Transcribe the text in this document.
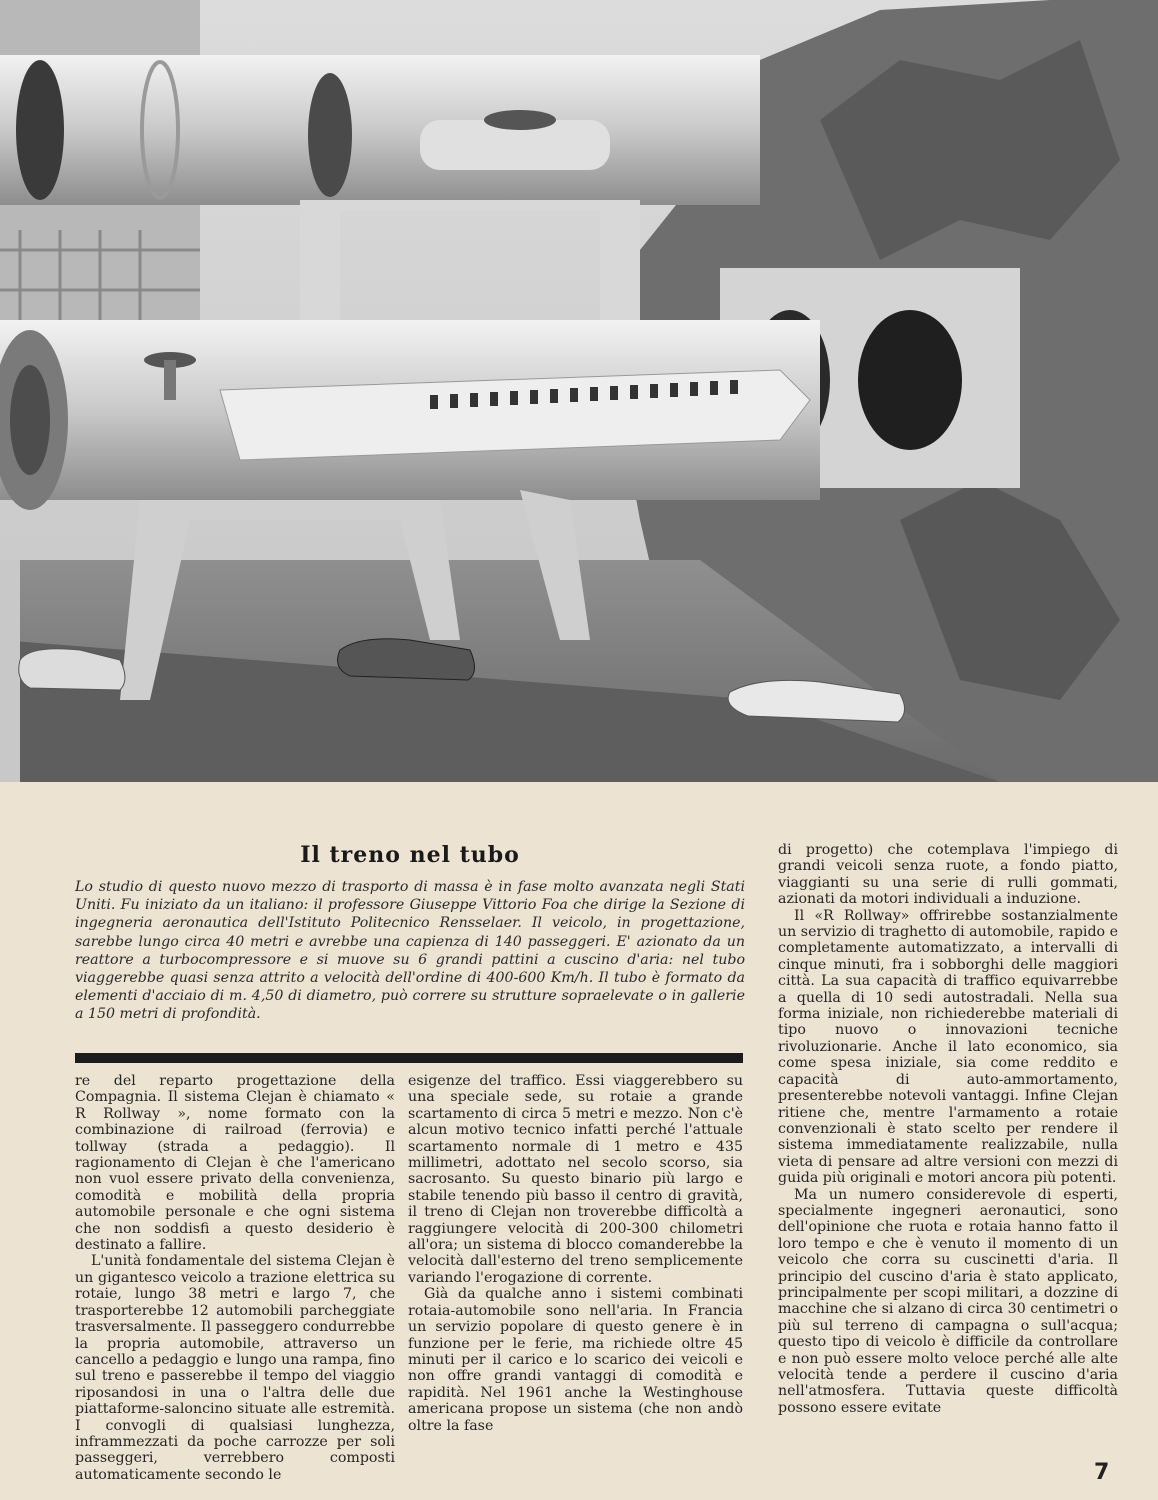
Il treno nel tubo
Lo studio di questo nuovo mezzo di trasporto di massa è in fase molto avanzata negli Stati Uniti. Fu iniziato da un italiano: il professore Giuseppe Vittorio Foa che dirige la Sezione di ingegneria aeronautica dell'Istituto Politecnico Rensselaer. Il veicolo, in progettazione, sarebbe lungo circa 40 metri e avrebbe una capienza di 140 passeggeri. E' azionato da un reattore a turbocompressore e si muove su 6 grandi pattini a cuscino d'aria: nel tubo viaggerebbe quasi senza attrito a velocità dell'ordine di 400-600 Km/h. Il tubo è formato da elementi d'acciaio di m. 4,50 di diametro, può correre su strutture sopraelevate o in gallerie a 150 metri di profondità.

re del reparto progettazione della Compagnia. Il sistema Clejan è chiamato « R Rollway », nome formato con la combinazione di railroad (ferrovia) e tollway (strada a pedaggio). Il ragionamento di Clejan è che l'americano non vuol essere privato della convenienza, comodità e mobilità della propria automobile personale e che ogni sistema che non soddisfi a questo desiderio è destinato a fallire.

L'unità fondamentale del sistema Clejan è un gigantesco veicolo a trazione elettrica su rotaie, lungo 38 metri e largo 7, che trasporterebbe 12 automobili parcheggiate trasversalmente. Il passeggero condurrebbe la propria automobile, attraverso un cancello a pedaggio e lungo una rampa, fino sul treno e passerebbe il tempo del viaggio riposandosi in una o l'altra delle due piattaforme-saloncino situate alle estremità. I convogli di qualsiasi lunghezza, inframmezzati da poche carrozze per soli passeggeri, verrebbero composti automaticamente secondo le

esigenze del traffico. Essi viaggerebbero su una speciale sede, su rotaie a grande scartamento di circa 5 metri e mezzo. Non c'è alcun motivo tecnico infatti perché l'attuale scartamento normale di 1 metro e 435 millimetri, adottato nel secolo scorso, sia sacrosanto. Su questo binario più largo e stabile tenendo più basso il centro di gravità, il treno di Clejan non troverebbe difficoltà a raggiungere velocità di 200-300 chilometri all'ora; un sistema di blocco comanderebbe la velocità dall'esterno del treno semplicemente variando l'erogazione di corrente.

Già da qualche anno i sistemi combinati rotaia-automobile sono nell'aria. In Francia un servizio popolare di questo genere è in funzione per le ferie, ma richiede oltre 45 minuti per il carico e lo scarico dei veicoli e non offre grandi vantaggi di comodità e rapidità. Nel 1961 anche la Westinghouse americana propose un sistema (che non andò oltre la fase

di progetto) che cotemplava l'impiego di grandi veicoli senza ruote, a fondo piatto, viaggianti su una serie di rulli gommati, azionati da motori individuali a induzione.

Il «R Rollway» offrirebbe sostanzialmente un servizio di traghetto di automobile, rapido e completamente automatizzato, a intervalli di cinque minuti, fra i sobborghi delle maggiori città. La sua capacità di traffico equivarrebbe a quella di 10 sedi autostradali. Nella sua forma iniziale, non richiederebbe materiali di tipo nuovo o innovazioni tecniche rivoluzionarie. Anche il lato economico, sia come spesa iniziale, sia come reddito e capacità di auto-ammortamento, presenterebbe notevoli vantaggi. Infine Clejan ritiene che, mentre l'armamento a rotaie convenzionali è stato scelto per rendere il sistema immediatamente realizzabile, nulla vieta di pensare ad altre versioni con mezzi di guida più originali e motori ancora più potenti.

Ma un numero considerevole di esperti, specialmente ingegneri aeronautici, sono dell'opinione che ruota e rotaia hanno fatto il loro tempo e che è venuto il momento di un veicolo che corra su cuscinetti d'aria. Il principio del cuscino d'aria è stato applicato, principalmente per scopi militari, a dozzine di macchine che si alzano di circa 30 centimetri o più sul terreno di campagna o sull'acqua; questo tipo di veicolo è difficile da controllare e non può essere molto veloce perché alle alte velocità tende a perdere il cuscino d'aria nell'atmosfera. Tuttavia queste difficoltà possono essere evitate

7
